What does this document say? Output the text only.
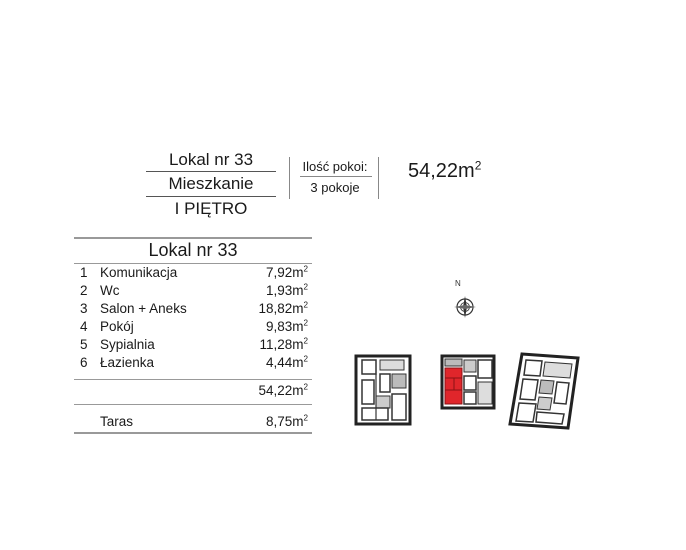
Lokal nr 33
Mieszkanie
I PIĘTRO
Ilość pokoi:
3 pokoje
$54,22m^2$
Lokal nr 33
1 Komunikacja	$7,92m^2$
2 Wc	$1,93m^2$
3 Salon + Aneks	$18,82m^2$
4 Pokój	$9,83m^2$
5 Sypialnia	$11,28m^2$
6 Łazienka	$4,44m^2$
$54,22m^2$
Taras	$8,75m^2$
N
